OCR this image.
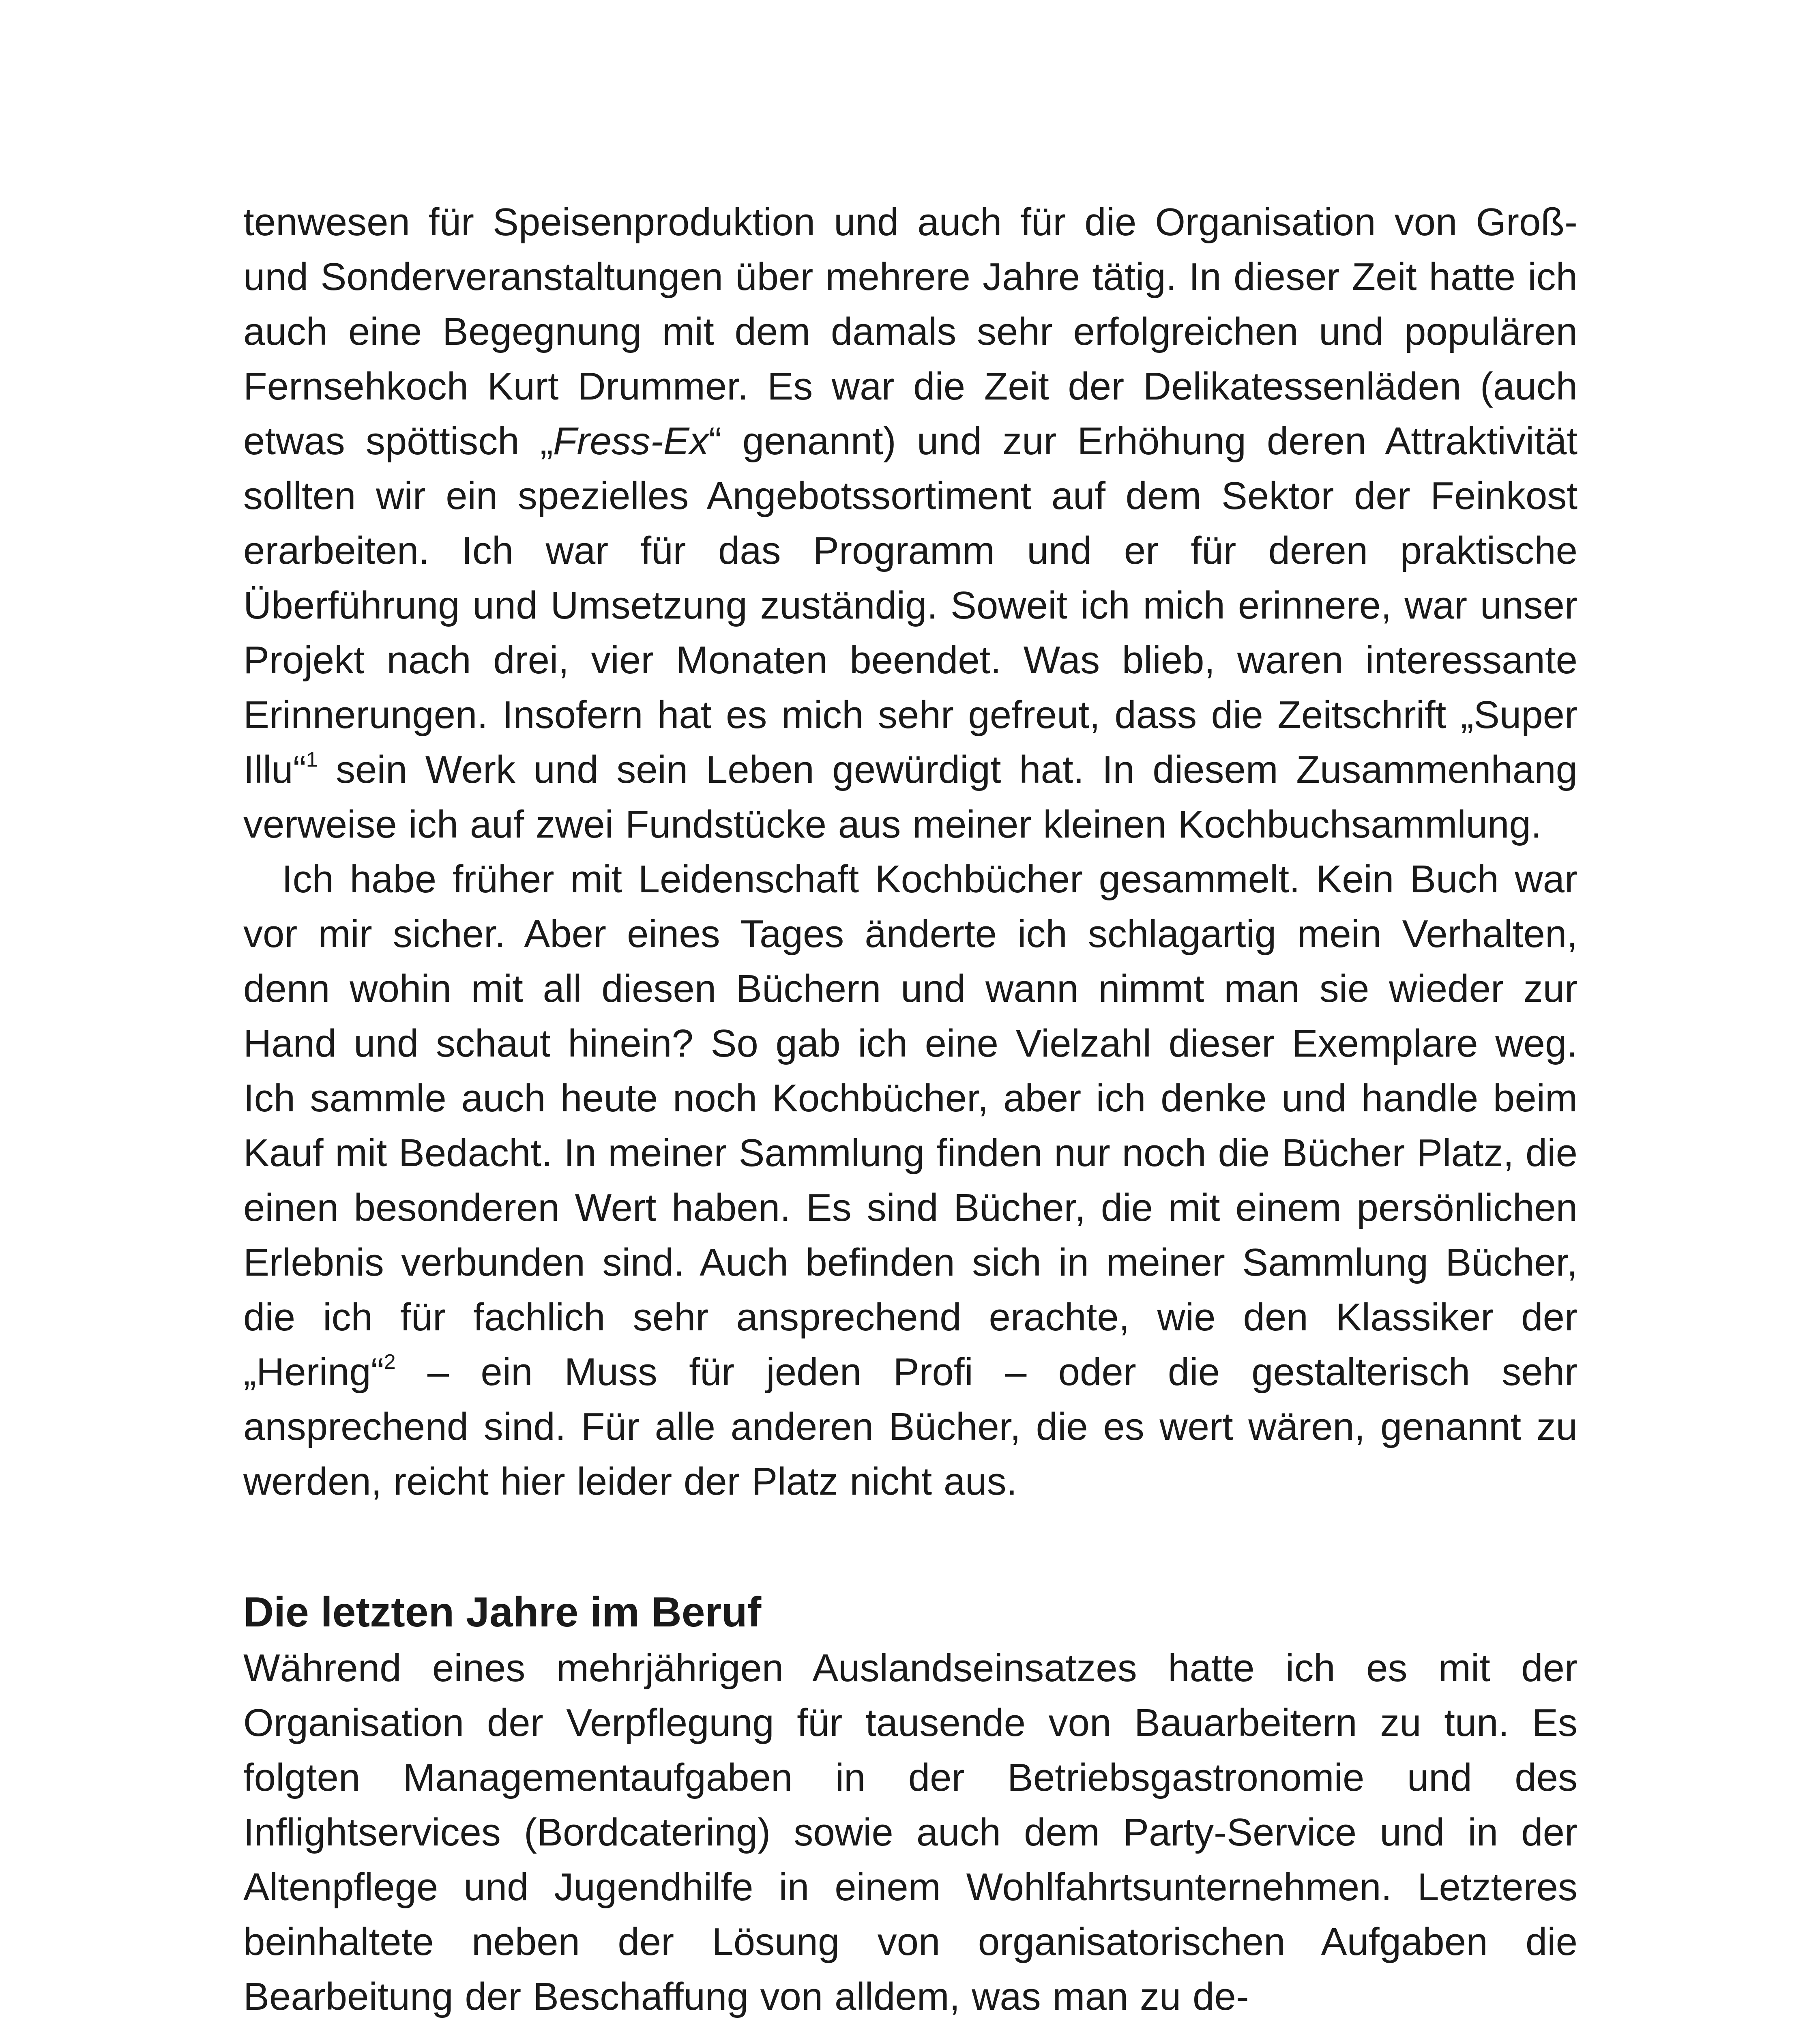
tenwesen für Speisenproduktion und auch für die Organisation von Groß- und Sonderveranstaltungen über mehrere Jahre tätig. In dieser Zeit hatte ich auch eine Begegnung mit dem damals sehr erfolgreichen und populären Fernsehkoch Kurt Drummer. Es war die Zeit der Delikatessenläden (auch etwas spöttisch „Fress-Ex“ genannt) und zur Erhöhung deren Attraktivität sollten wir ein spezielles Angebotssortiment auf dem Sektor der Feinkost erarbeiten. Ich war für das Programm und er für deren praktische Überführung und Umsetzung zuständig. Soweit ich mich erinnere, war unser Projekt nach drei, vier Monaten beendet. Was blieb, waren interessante Erinnerungen. Insofern hat es mich sehr gefreut, dass die Zeitschrift „Super Illu“$^1$ sein Werk und sein Leben gewürdigt hat. In diesem Zusammenhang verweise ich auf zwei Fundstücke aus meiner kleinen Kochbuchsammlung.

Ich habe früher mit Leidenschaft Kochbücher gesammelt. Kein Buch war vor mir sicher. Aber eines Tages änderte ich schlagartig mein Verhalten, denn wohin mit all diesen Büchern und wann nimmt man sie wieder zur Hand und schaut hinein? So gab ich eine Vielzahl dieser Exemplare weg. Ich sammle auch heute noch Kochbücher, aber ich denke und handle beim Kauf mit Bedacht. In meiner Sammlung finden nur noch die Bücher Platz, die einen besonderen Wert haben. Es sind Bücher, die mit einem persönlichen Erlebnis verbunden sind. Auch befinden sich in meiner Sammlung Bücher, die ich für fachlich sehr ansprechend erachte, wie den Klassiker der „Hering“$^2$ – ein Muss für jeden Profi – oder die gestalterisch sehr ansprechend sind. Für alle anderen Bücher, die es wert wären, genannt zu werden, reicht hier leider der Platz nicht aus.

Die letzten Jahre im Beruf

Während eines mehrjährigen Auslandseinsatzes hatte ich es mit der Organisation der Verpflegung für tausende von Bauarbeitern zu tun. Es folgten Managementaufgaben in der Betriebsgastronomie und des Inflightservices (Bordcatering) sowie auch dem Party-Service und in der Altenpflege und Jugendhilfe in einem Wohlfahrtsunternehmen. Letzteres beinhaltete neben der Lösung von organisatorischen Aufgaben die Bearbeitung der Beschaffung von alldem, was man zu de-
